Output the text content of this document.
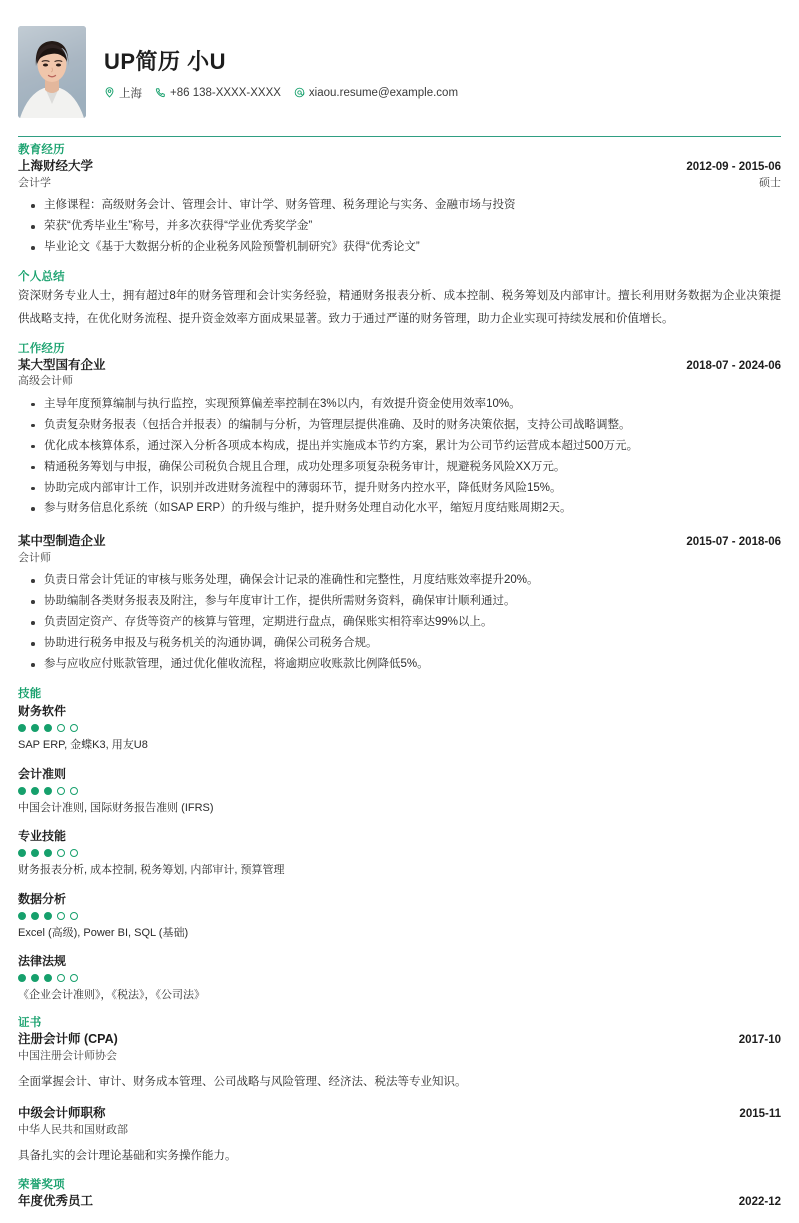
UP简历 小U
上海 +86 138-XXXX-XXXX xiaou.resume@example.com
教育经历
上海财经大学	2012-09 - 2015-06
会计学	硕士
主修课程：高级财务会计、管理会计、审计学、财务管理、税务理论与实务、金融市场与投资
荣获“优秀毕业生”称号，并多次获得“学业优秀奖学金”
毕业论文《基于大数据分析的企业税务风险预警机制研究》获得“优秀论文”
个人总结
资深财务专业人士，拥有超过8年的财务管理和会计实务经验，精通财务报表分析、成本控制、税务筹划及内部审计。擅长利用财务数据为企业决策提供战略支持，在优化财务流程、提升资金效率方面成果显著。致力于通过严谨的财务管理，助力企业实现可持续发展和价值增长。
工作经历
某大型国有企业	2018-07 - 2024-06
高级会计师
主导年度预算编制与执行监控，实现预算偏差率控制在3%以内，有效提升资金使用效率10%。
负责复杂财务报表（包括合并报表）的编制与分析，为管理层提供准确、及时的财务决策依据，支持公司战略调整。
优化成本核算体系，通过深入分析各项成本构成，提出并实施成本节约方案，累计为公司节约运营成本超过500万元。
精通税务筹划与申报，确保公司税负合规且合理，成功处理多项复杂税务审计，规避税务风险XX万元。
协助完成内部审计工作，识别并改进财务流程中的薄弱环节，提升财务内控水平，降低财务风险15%。
参与财务信息化系统（如SAP ERP）的升级与维护，提升财务处理自动化水平，缩短月度结账周期2天。
某中型制造企业	2015-07 - 2018-06
会计师
负责日常会计凭证的审核与账务处理，确保会计记录的准确性和完整性，月度结账效率提升20%。
协助编制各类财务报表及附注，参与年度审计工作，提供所需财务资料，确保审计顺利通过。
负责固定资产、存货等资产的核算与管理，定期进行盘点，确保账实相符率达99%以上。
协助进行税务申报及与税务机关的沟通协调，确保公司税务合规。
参与应收应付账款管理，通过优化催收流程，将逾期应收账款比例降低5%。
技能
财务软件
SAP ERP, 金蝶K3, 用友U8
会计准则
中国会计准则, 国际财务报告准则 (IFRS)
专业技能
财务报表分析, 成本控制, 税务筹划, 内部审计, 预算管理
数据分析
Excel (高级), Power BI, SQL (基础)
法律法规
《企业会计准则》，《税法》，《公司法》
证书
注册会计师 (CPA)	2017-10
中国注册会计师协会
全面掌握会计、审计、财务成本管理、公司战略与风险管理、经济法、税法等专业知识。
中级会计师职称	2015-11
中华人民共和国财政部
具备扎实的会计理论基础和实务操作能力。
荣誉奖项
年度优秀员工	2022-12
